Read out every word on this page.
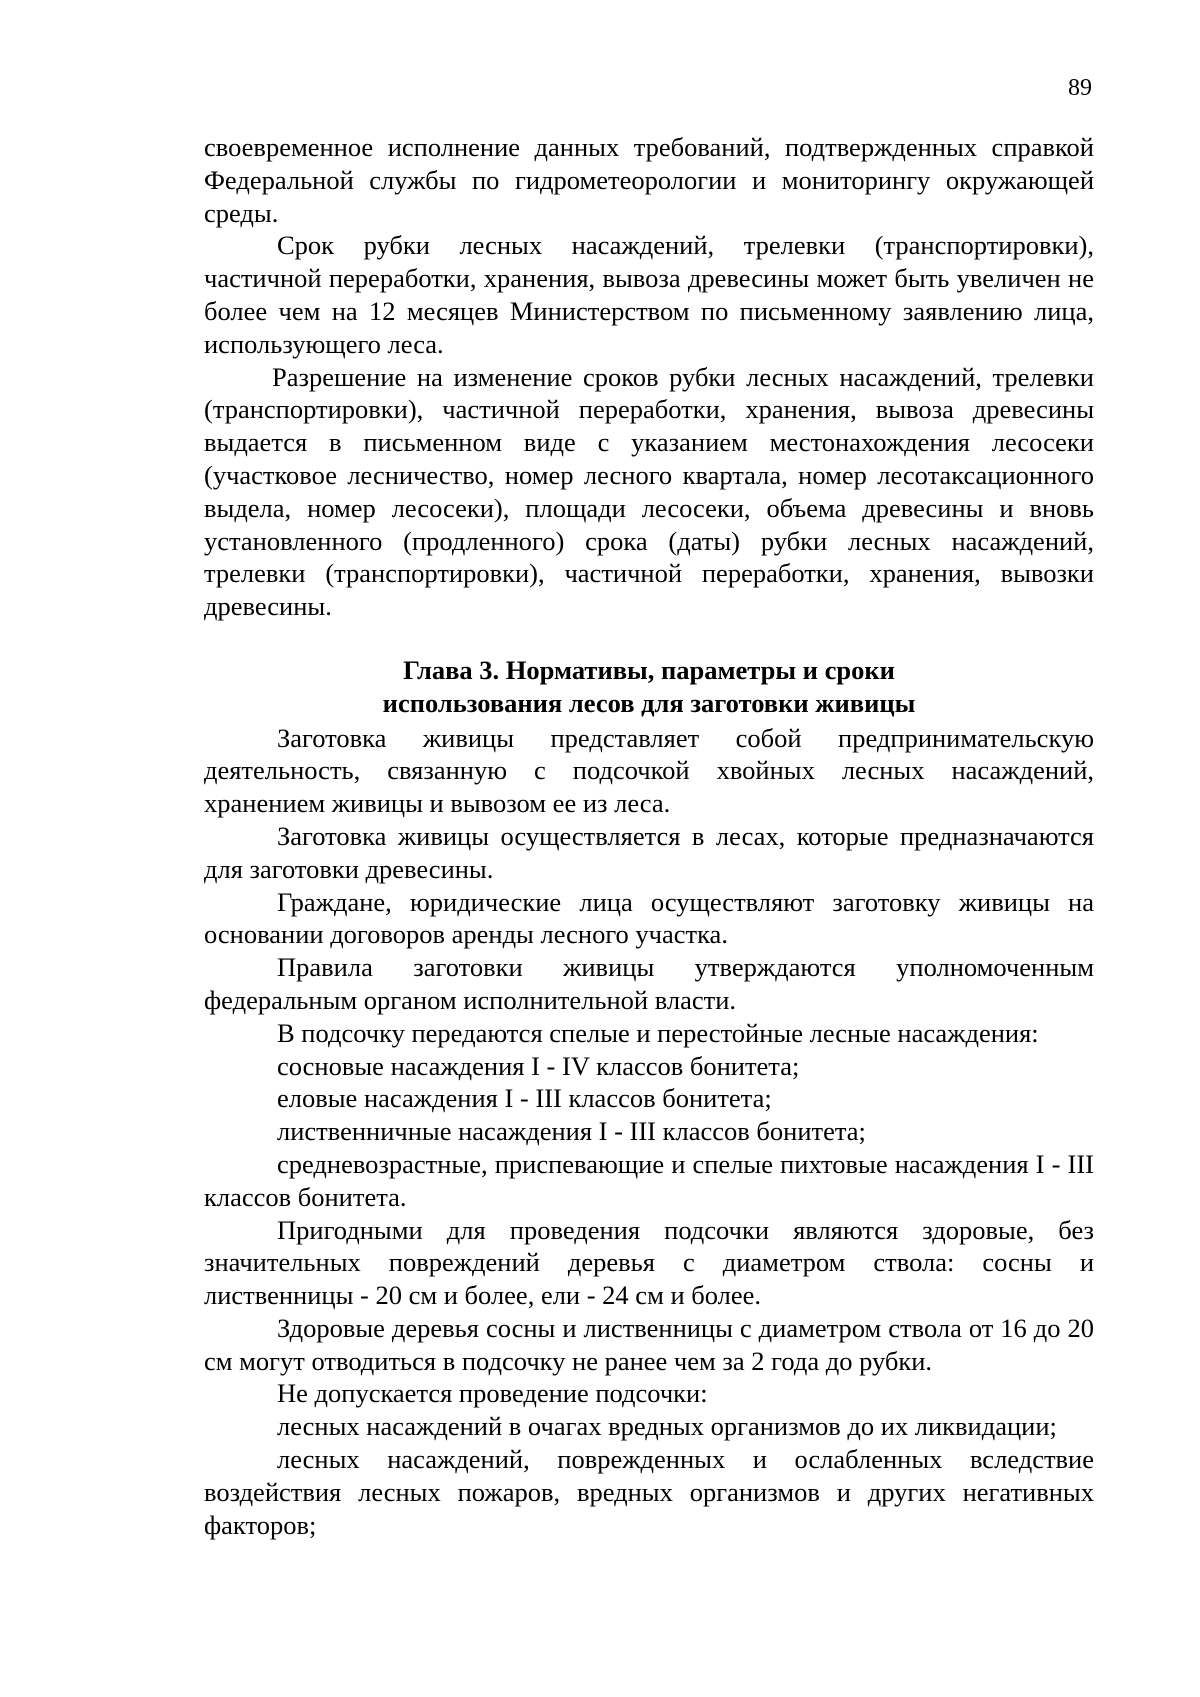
89

своевременное исполнение данных требований, подтвержденных справкой Федеральной службы по гидрометеорологии и мониторингу окружающей среды.

Срок рубки лесных насаждений, трелевки (транспортировки), частичной переработки, хранения, вывоза древесины может быть увеличен не более чем на 12 месяцев Министерством по письменному заявлению лица, использующего леса.

Разрешение на изменение сроков рубки лесных насаждений, трелевки (транспортировки), частичной переработки, хранения, вывоза древесины выдается в письменном виде с указанием местонахождения лесосеки (участковое лесничество, номер лесного квартала, номер лесотаксационного выдела, номер лесосеки), площади лесосеки, объема древесины и вновь установленного (продленного) срока (даты) рубки лесных насаждений, трелевки (транспортировки), частичной переработки, хранения, вывозки древесины.

Глава 3. Нормативы, параметры и сроки
использования лесов для заготовки живицы

Заготовка живицы представляет собой предпринимательскую деятельность, связанную с подсочкой хвойных лесных насаждений, хранением живицы и вывозом ее из леса.

Заготовка живицы осуществляется в лесах, которые предназначаются для заготовки древесины.

Граждане, юридические лица осуществляют заготовку живицы на основании договоров аренды лесного участка.

Правила заготовки живицы утверждаются уполномоченным федеральным органом исполнительной власти.

В подсочку передаются спелые и перестойные лесные насаждения:

сосновые насаждения I - IV классов бонитета;

еловые насаждения I - III классов бонитета;

лиственничные насаждения I - III классов бонитета;

средневозрастные, приспевающие и спелые пихтовые насаждения I - III классов бонитета.

Пригодными для проведения подсочки являются здоровые, без значительных повреждений деревья с диаметром ствола: сосны и лиственницы - 20 см и более, ели - 24 см и более.

Здоровые деревья сосны и лиственницы с диаметром ствола от 16 до 20 см могут отводиться в подсочку не ранее чем за 2 года до рубки.

Не допускается проведение подсочки:

лесных насаждений в очагах вредных организмов до их ликвидации;

лесных насаждений, поврежденных и ослабленных вследствие воздействия лесных пожаров, вредных организмов и других негативных факторов;
